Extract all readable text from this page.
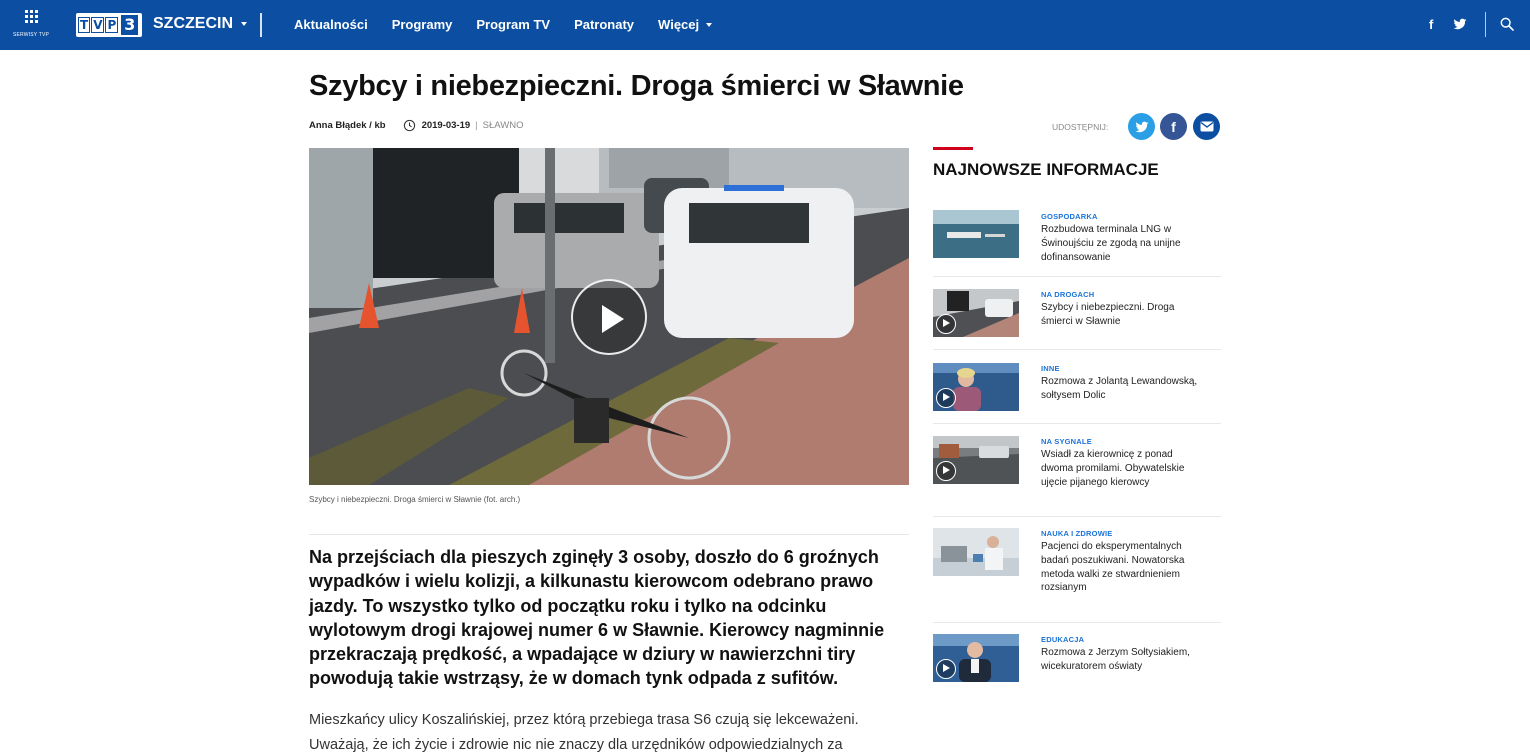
SERWISY TVP
T V P 3 SZCZECIN	Aktualności Programy Program TV Patronaty Więcej	f
Szybcy i niebezpieczni. Droga śmierci w Sławnie
Anna Błądek / kb	2019-03-19 | SŁAWNO	UDOSTĘPNIJ:	f
Szybcy i niebezpieczni. Droga śmierci w Sławnie (fot. arch.)

Na przejściach dla pieszych zginęły 3 osoby, doszło do 6 groźnych wypadków i wielu kolizji, a kilkunastu kierowcom odebrano prawo jazdy. To wszystko tylko od początku roku i tylko na odcinku wylotowym drogi krajowej numer 6 w Sławnie. Kierowcy nagminnie przekraczają prędkość, a wpadające w dziury w nawierzchni tiry powodują takie wstrząsy, że w domach tynk odpada z sufitów.

Mieszkańcy ulicy Koszalińskiej, przez którą przebiega trasa S6 czują się lekceważeni. Uważają, że ich życie i zdrowie nic nie znaczy dla urzędników odpowiedzialnych za

NAJNOWSZE INFORMACJE
GOSPODARKA
Rozbudowa terminala LNG w Świnoujściu ze zgodą na unijne dofinansowanie
NA DROGACH
Szybcy i niebezpieczni. Droga śmierci w Sławnie
INNE
Rozmowa z Jolantą Lewandowską, sołtysem Dolic
NA SYGNALE
Wsiadł za kierownicę z ponad dwoma promilami. Obywatelskie ujęcie pijanego kierowcy
NAUKA I ZDROWIE
Pacjenci do eksperymentalnych badań poszukiwani. Nowatorska metoda walki ze stwardnieniem rozsianym
EDUKACJA
Rozmowa z Jerzym Sołtysiakiem, wicekuratorem oświaty
